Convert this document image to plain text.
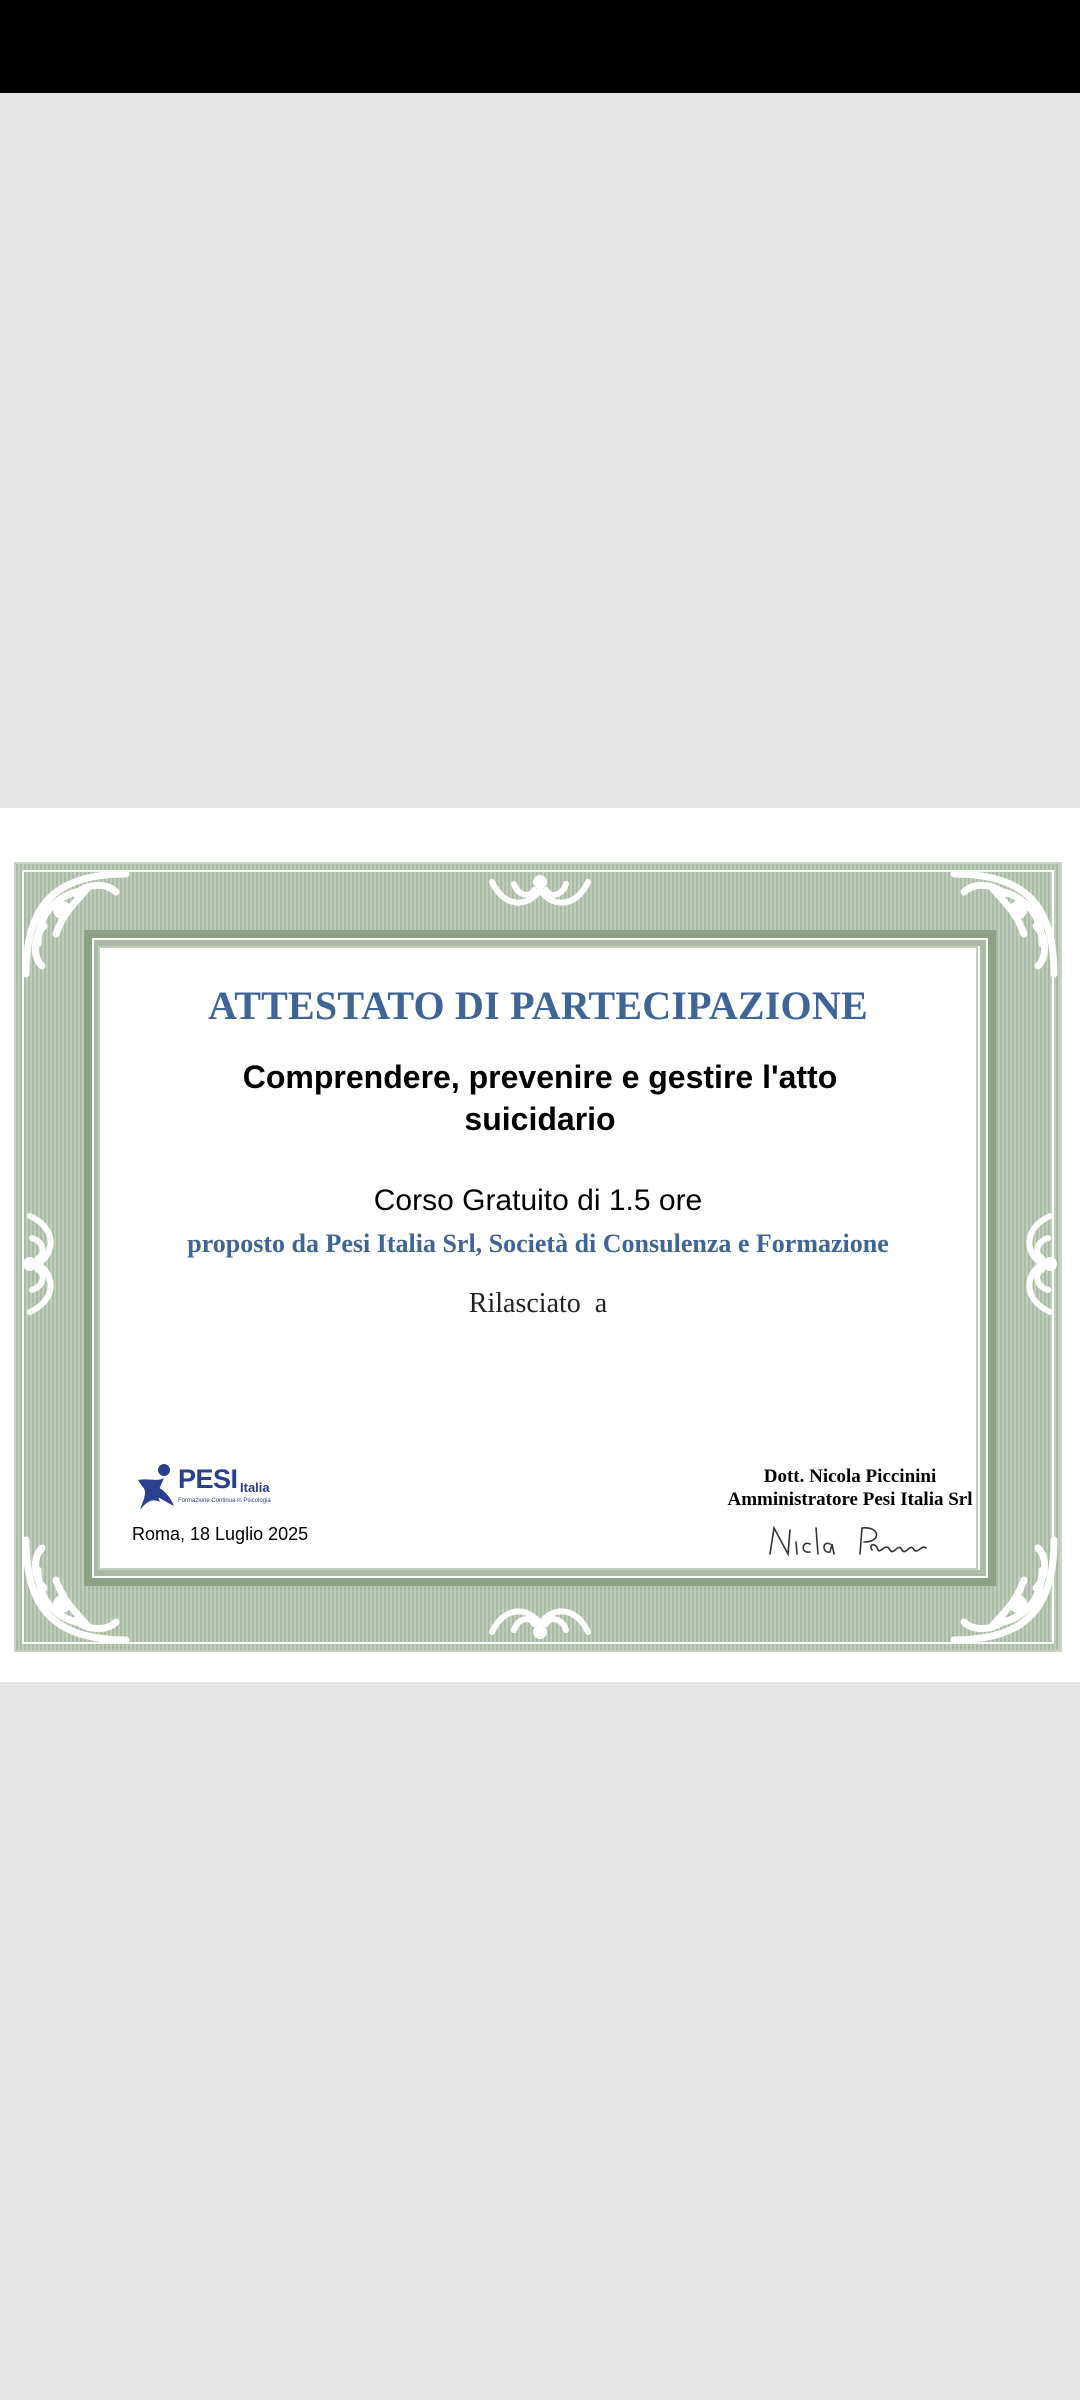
ATTESTATO DI PARTECIPAZIONE
Comprendere, prevenire e gestire l'atto suicidario
Corso Gratuito di 1.5 ore
proposto da Pesi Italia Srl, Società di Consulenza e Formazione
Rilasciato  a
PESI Italia
Formazione Continua in Psicologia
Roma, 18 Luglio 2025
Dott. Nicola Piccinini
Amministratore Pesi Italia Srl
